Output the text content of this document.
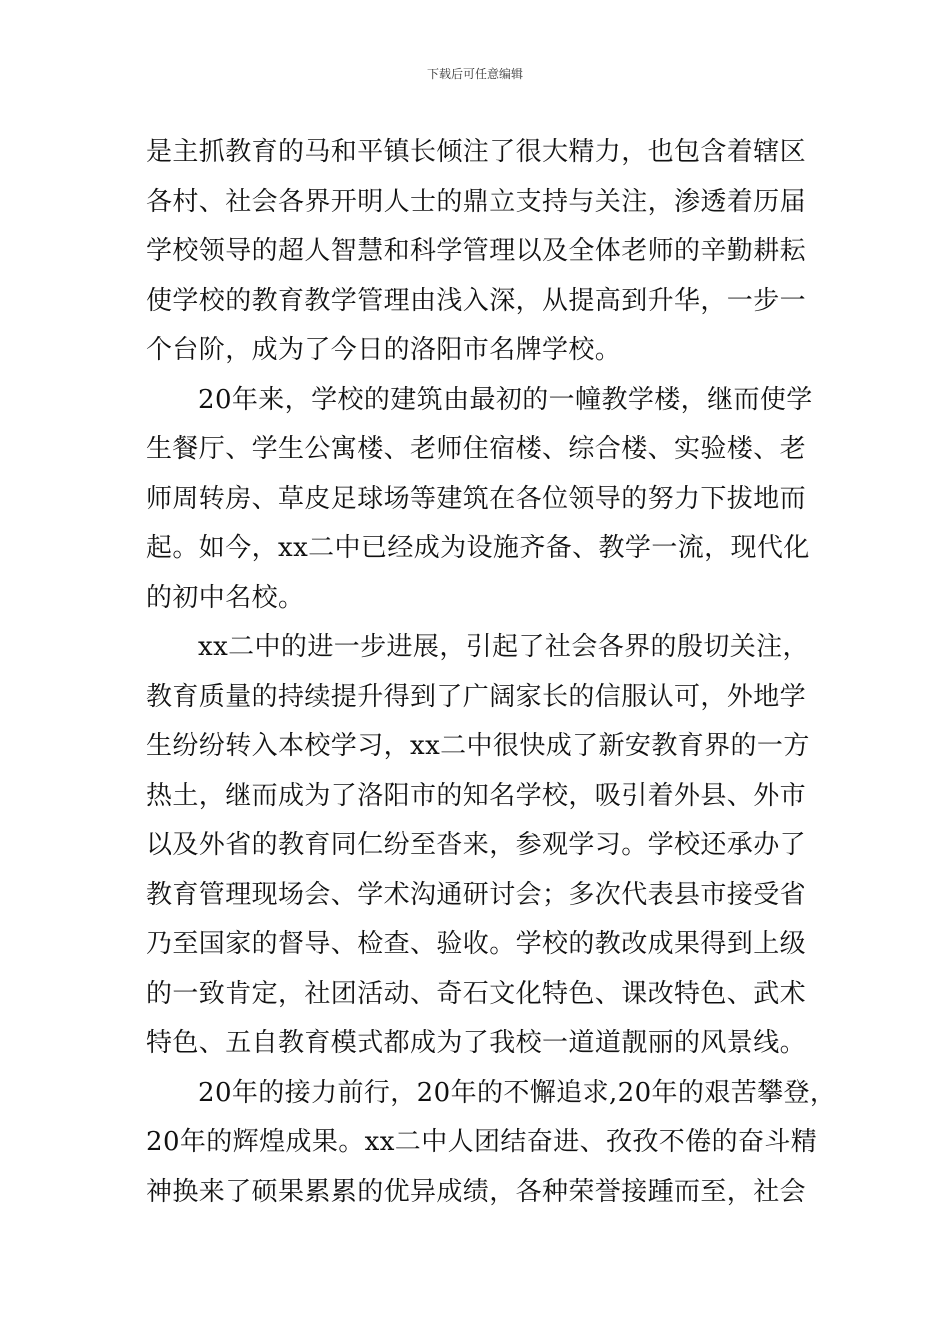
下载后可任意编辑
是主抓教育的马和平镇长倾注了很大精力，也包含着辖区
各村、社会各界开明人士的鼎立支持与关注，渗透着历届
学校领导的超人智慧和科学管理以及全体老师的辛勤耕耘
使学校的教育教学管理由浅入深，从提高到升华，一步一
个台阶，成为了今日的洛阳市名牌学校。
20年来，学校的建筑由最初的一幢教学楼，继而使学
生餐厅、学生公寓楼、老师住宿楼、综合楼、实验楼、老
师周转房、草皮足球场等建筑在各位领导的努力下拔地而
起。如今，xx二中已经成为设施齐备、教学一流，现代化
的初中名校。
xx二中的进一步进展，引起了社会各界的殷切关注，
教育质量的持续提升得到了广阔家长的信服认可，外地学
生纷纷转入本校学习，xx二中很快成了新安教育界的一方
热土，继而成为了洛阳市的知名学校，吸引着外县、外市
以及外省的教育同仁纷至沓来，参观学习。学校还承办了
教育管理现场会、学术沟通研讨会；多次代表县市接受省
乃至国家的督导、检查、验收。学校的教改成果得到上级
的一致肯定，社团活动、奇石文化特色、课改特色、武术
特色、五自教育模式都成为了我校一道道靓丽的风景线。
20年的接力前行，20年的不懈追求,20年的艰苦攀登，
20年的辉煌成果。xx二中人团结奋进、孜孜不倦的奋斗精
神换来了硕果累累的优异成绩，各种荣誉接踵而至，社会
